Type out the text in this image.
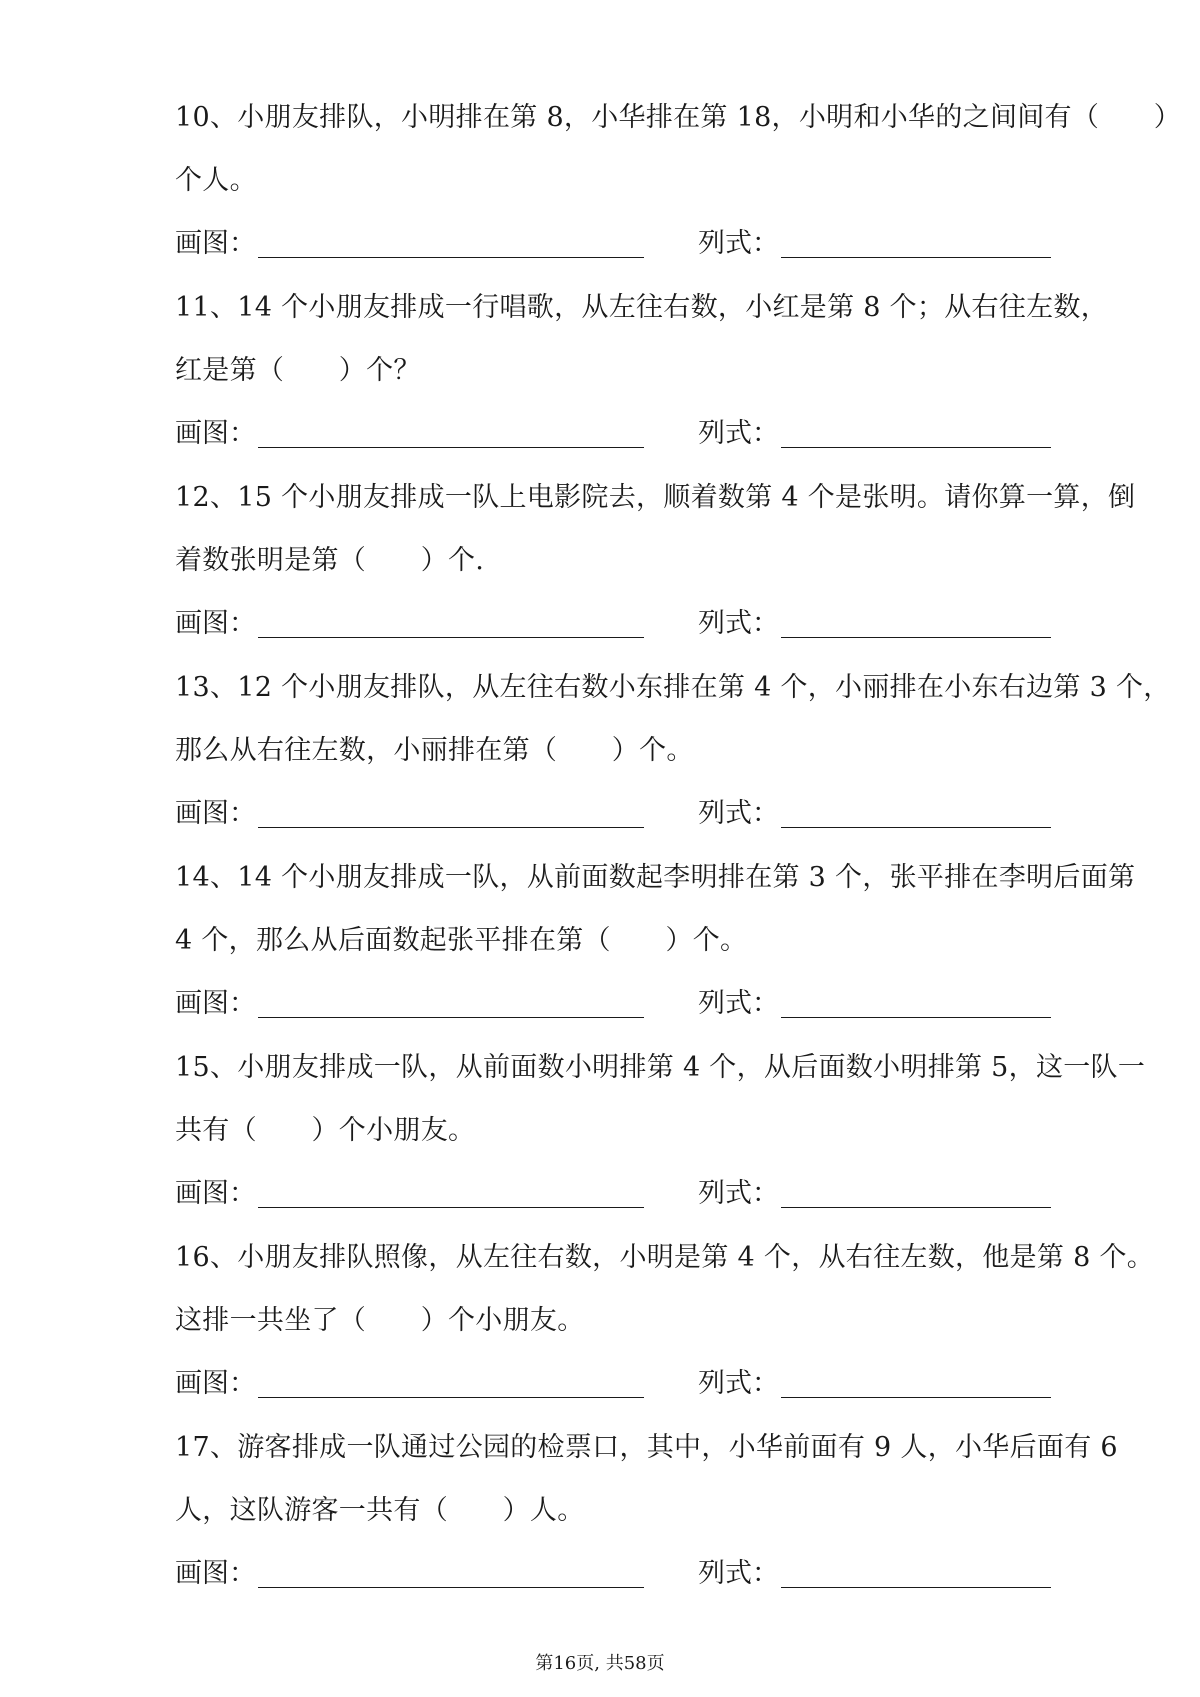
10、小朋友排队，小明排在第 8，小华排在第 18，小明和小华的之间间有（　　）
个人。
画图：	列式：
11、14 个小朋友排成一行唱歌，从左往右数，小红是第 8 个；从右往左数，
红是第（　　）个？
画图：	列式：
12、15 个小朋友排成一队上电影院去，顺着数第 4 个是张明。请你算一算，倒
着数张明是第（　　）个.
画图：	列式：
13、12 个小朋友排队，从左往右数小东排在第 4 个，小丽排在小东右边第 3 个，
那么从右往左数，小丽排在第（　　）个。
画图：	列式：
14、14 个小朋友排成一队，从前面数起李明排在第 3 个，张平排在李明后面第
4 个，那么从后面数起张平排在第（　　）个。
画图：	列式：
15、小朋友排成一队，从前面数小明排第 4 个，从后面数小明排第 5，这一队一
共有（　　）个小朋友。
画图：	列式：
16、小朋友排队照像，从左往右数，小明是第 4 个，从右往左数，他是第 8 个。
这排一共坐了（　　）个小朋友。
画图：	列式：
17、游客排成一队通过公园的检票口，其中，小华前面有 9 人，小华后面有 6
人，这队游客一共有（　　）人。
画图：	列式：
第16页, 共58页
